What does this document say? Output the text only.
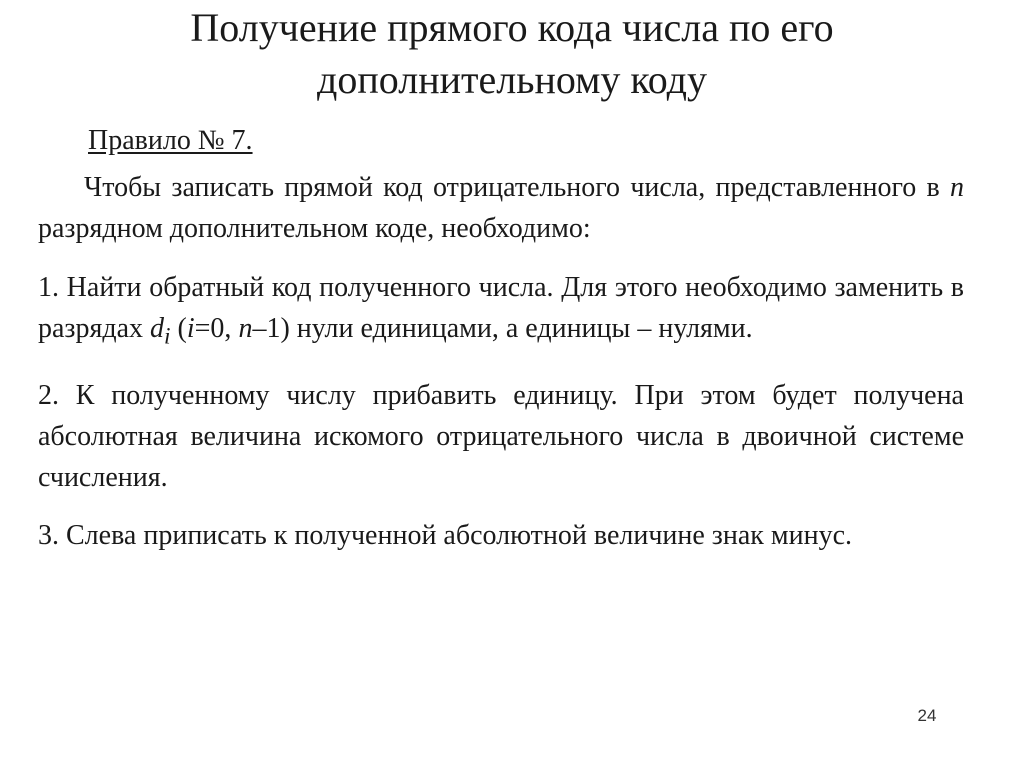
Получение прямого кода числа по его
дополнительному коду

Правило № 7.

Чтобы записать прямой код отрицательного числа, представленного в n разрядном дополнительном коде, необходимо:

1. Найти обратный код полученного числа. Для этого необходимо заменить в разрядах $d_i$ (i=0, n–1) нули единицами, а единицы – нулями.

2. К полученному числу прибавить единицу. При этом будет получена абсолютная величина искомого отрицательного числа в двоичной системе счисления.

3. Слева приписать к полученной абсолютной величине знак минус.

24
